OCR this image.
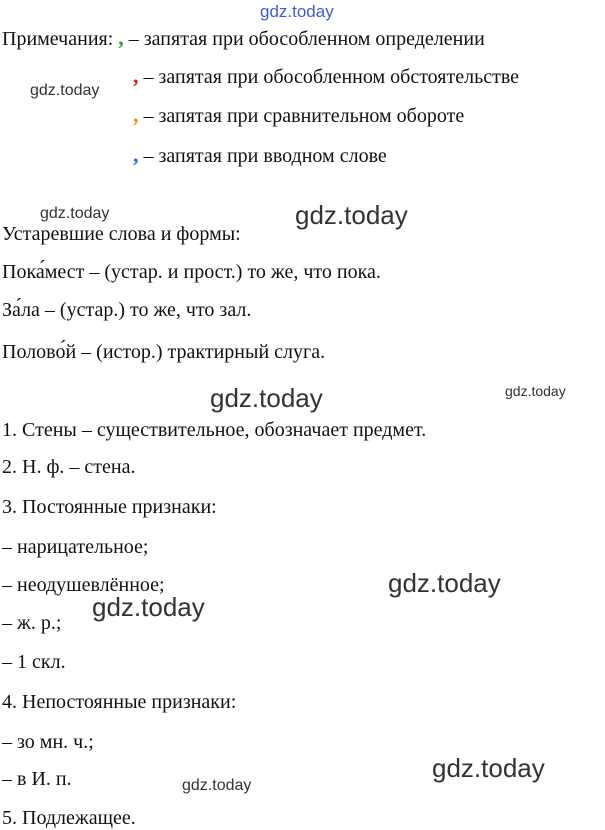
Примечания: , – запятая при обособленном определении
, – запятая при обособленном обстоятельстве
, – запятая при сравнительном обороте
, – запятая при вводном слове
Устаревшие слова и формы:
Пока́мест – (устар. и прост.) то же, что пока.
За́ла – (устар.) то же, что зал.
Полово́й – (истор.) трактирный слуга.
1. Стены – существительное, обозначает предмет.
2. Н. ф. – стена.
3. Постоянные признаки:
– нарицательное;
– неодушевлённое;
– ж. р.;
– 1 скл.
4. Непостоянные признаки:
– зо мн. ч.;
– в И. п.
5. Подлежащее.
gdz.today
gdz.today
gdz.today	gdz.today
gdz.today	gdz.today
gdz.today
gdz.today
gdz.today
gdz.today
